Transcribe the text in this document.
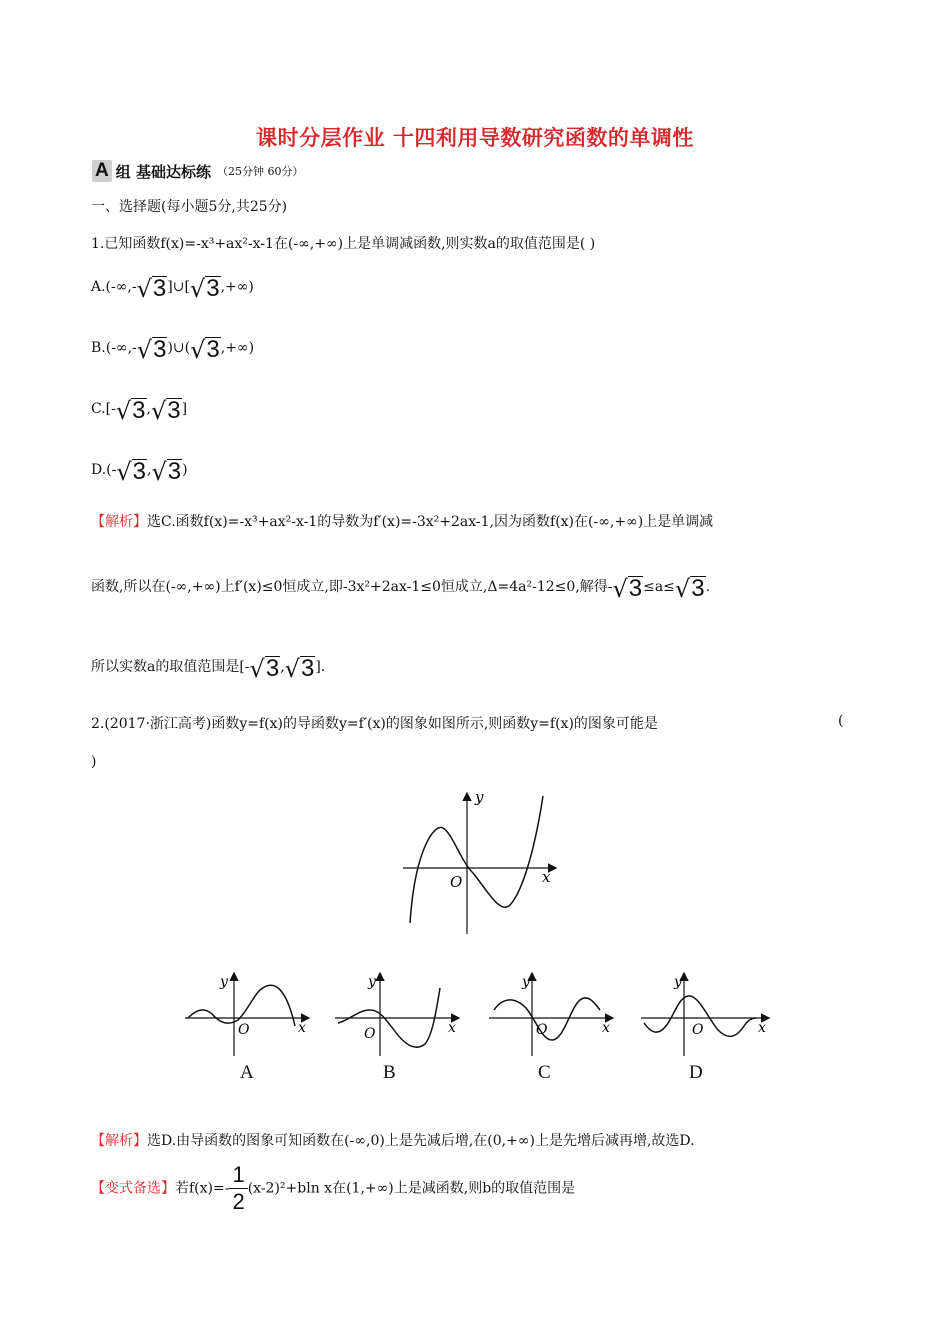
课时分层作业 十四利用导数研究函数的单调性
A 组 基础达标练 （25分钟 60分）
一、选择题(每小题5分,共25分)
1.已知函数f(x)=-x³+ax²-x-1在(-∞,+∞)上是单调减函数,则实数a的取值范围是( )
A.(-∞,- √ 3 ]∪[ √ 3 ,+∞)
B.(-∞,- √ 3 )∪( √ 3 ,+∞)
C.[- √ 3 , √ 3 ]
D.(- √ 3 , √ 3 )
【解析】选C.函数f(x)=-x³+ax²-x-1的导数为f′(x)=-3x²+2ax-1,因为函数f(x)在(-∞,+∞)上是单调减
函数,所以在(-∞,+∞)上f′(x)≤0恒成立,即-3x²+2ax-1≤0恒成立,Δ=4a²-12≤0,解得- √ 3 ≤a≤ √ 3 .
所以实数a的取值范围是[- √ 3 , √ 3 ].
2.(2017·浙江高考)函数y=f(x)的导函数y=f′(x)的图象如图所示,则函数y=f(x)的图象可能是	(
)
y
x
O
y
x
O
A
y
x
O
B
y
x
O
C
y
x
O
D
【解析】选D.由导函数的图象可知函数在(-∞,0)上是先减后增,在(0,+∞)上是先增后减再增,故选D.
【变式备选】若$f(x)=- \frac{1}{2} (x-2)^2+bln$ x在(1,+∞)上是减函数,则b的取值范围是
